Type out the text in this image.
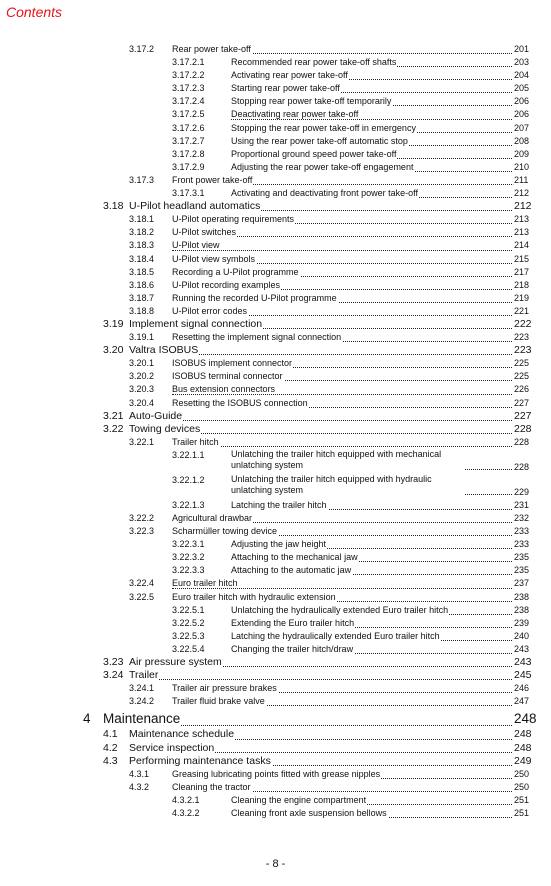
Contents
3.17.2 Rear power take-off	201
3.17.2.1	Recommended rear power take-off shafts	203
3.17.2.2	Activating rear power take-off	204
3.17.2.3	Starting rear power take-off	205
3.17.2.4	Stopping rear power take-off temporarily	206
3.17.2.5	Deactivating rear power take-off	206
3.17.2.6	Stopping the rear power take-off in emergency	207
3.17.2.7	Using the rear power take-off automatic stop	208
3.17.2.8	Proportional ground speed power take-off	209
3.17.2.9	Adjusting the rear power take-off engagement	210
3.17.3 Front power take-off	211
3.17.3.1	Activating and deactivating front power take-off	212
3.18 U-Pilot headland automatics	212
3.18.1 U-Pilot operating requirements	213
3.18.2 U-Pilot switches	213
3.18.3 U-Pilot view	214
3.18.4 U-Pilot view symbols	215
3.18.5 Recording a U-Pilot programme	217
3.18.6 U-Pilot recording examples	218
3.18.7 Running the recorded U-Pilot programme	219
3.18.8 U-Pilot error codes	221
3.19 Implement signal connection	222
3.19.1 Resetting the implement signal connection	223
3.20 Valtra ISOBUS	223
3.20.1 ISOBUS implement connector	225
3.20.2 ISOBUS terminal connector	225
3.20.3 Bus extension connectors	226
3.20.4 Resetting the ISOBUS connection	227
3.21 Auto-Guide	227
3.22 Towing devices	228
3.22.1 Trailer hitch	228
3.22.1.1	Unlatching the trailer hitch equipped with mechanical unlatching system	228
3.22.1.2	Unlatching the trailer hitch equipped with hydraulic unlatching system	229
3.22.1.3	Latching the trailer hitch	231
3.22.2 Agricultural drawbar	232
3.22.3 Scharmüller towing device	233
3.22.3.1	Adjusting the jaw height	233
3.22.3.2	Attaching to the mechanical jaw	235
3.22.3.3	Attaching to the automatic jaw	235
3.22.4 Euro trailer hitch	237
3.22.5 Euro trailer hitch with hydraulic extension	238
3.22.5.1	Unlatching the hydraulically extended Euro trailer hitch	238
3.22.5.2	Extending the Euro trailer hitch	239
3.22.5.3	Latching the hydraulically extended Euro trailer hitch	240
3.22.5.4	Changing the trailer hitch/draw	243
3.23 Air pressure system	243
3.24 Trailer	245
3.24.1 Trailer air pressure brakes	246
3.24.2 Trailer fluid brake valve	247
4 Maintenance	248
4.1 Maintenance schedule	248
4.2 Service inspection	248
4.3 Performing maintenance tasks	249
4.3.1	Greasing lubricating points fitted with grease nipples	250
4.3.2	Cleaning the tractor	250
4.3.2.1	Cleaning the engine compartment	251
4.3.2.2	Cleaning front axle suspension bellows	251
- 8 -
